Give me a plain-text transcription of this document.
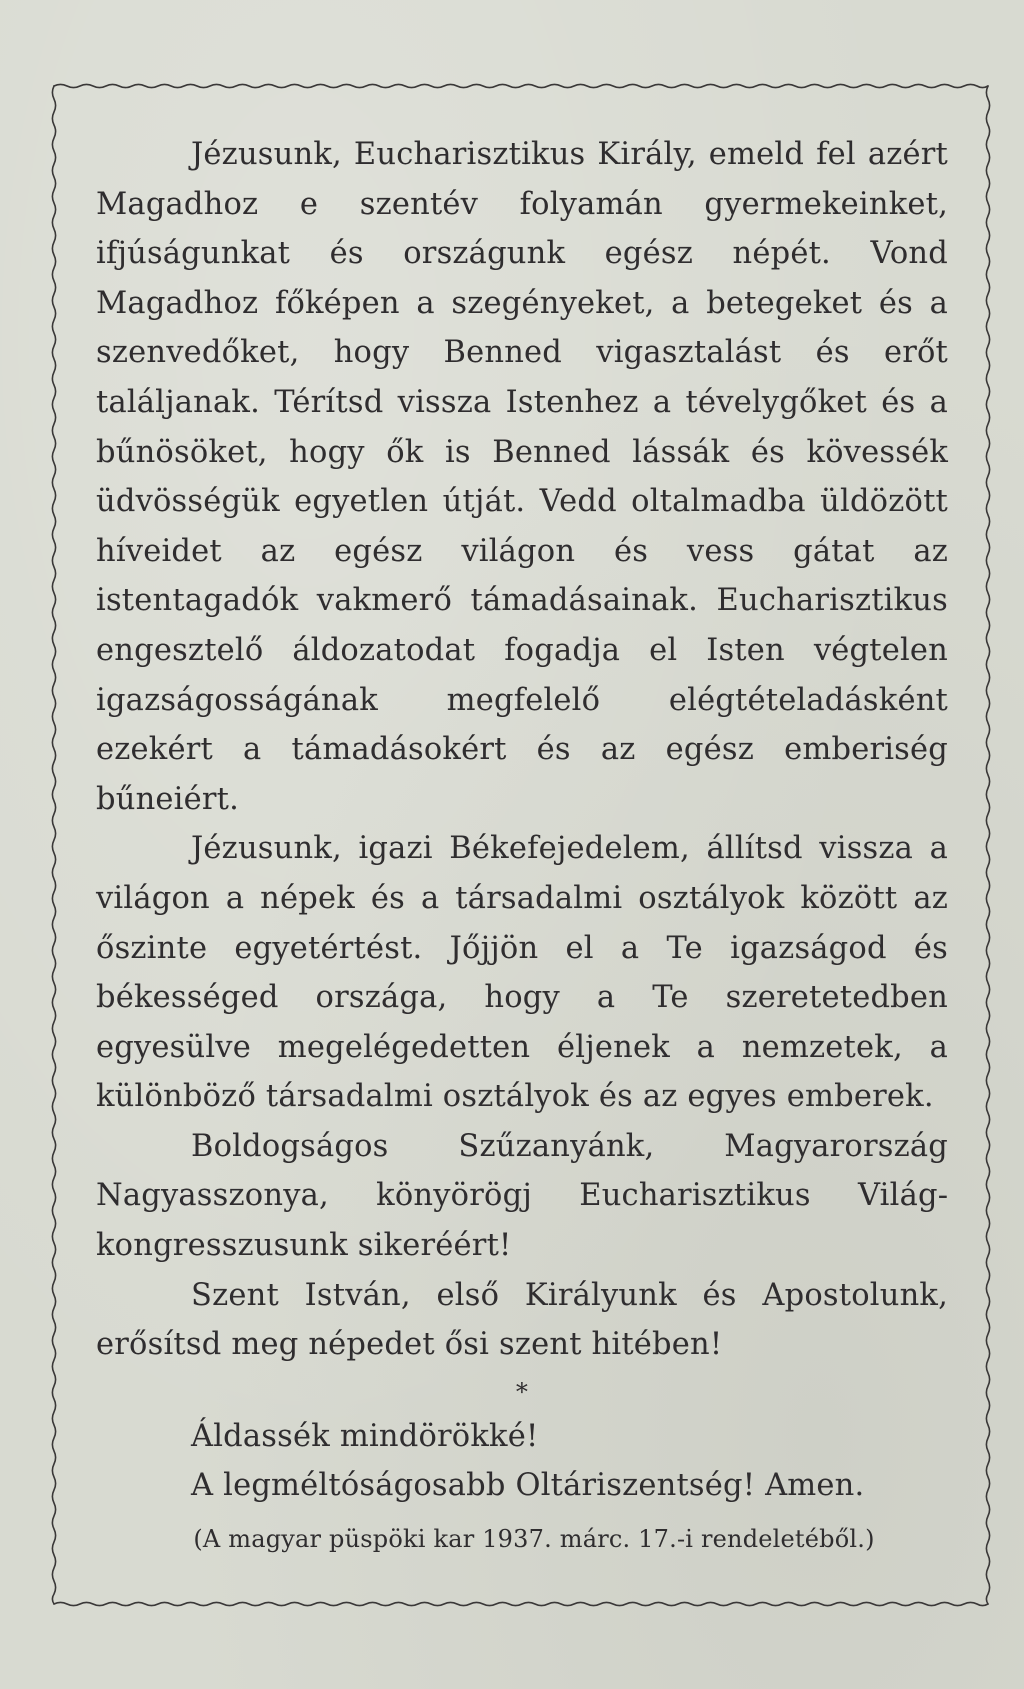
Jézusunk, Eucharisztikus Király, emeld fel azért Magadhoz e szentév folyamán gyermekeinket, ifjúságunkat és országunk egész népét. Vond Magadhoz főképen a szegényeket, a betegeket és a szenvedőket, hogy Benned vigasztalást és erőt találjanak. Térítsd vissza Istenhez a tévelygőket és a bűnösöket, hogy ők is Benned lássák és kövessék üdvösségük egyetlen útját. Vedd oltalmadba üldözött híveidet az egész világon és vess gátat az istentagadók vakmerő támadásainak. Eucharisztikus engesztelő áldozatodat fogadja el Isten végtelen igazságosságának megfelelő elégtételadásként ezekért a támadásokért és az egész emberiség bűneiért.

Jézusunk, igazi Békefejedelem, állítsd vissza a világon a népek és a társadalmi osztályok között az őszinte egyetértést. Jőjjön el a Te igazságod és békességed országa, hogy a Te szeretetedben egyesülve megelégedetten éljenek a nemzetek, a különböző társadalmi osztályok és az egyes emberek.

Boldogságos Szűzanyánk, Magyarország Nagyasszonya, könyörögj Eucharisztikus Világkongresszusunk sikeréért!

Szent István, első Királyunk és Apostolunk, erősítsd meg népedet ősi szent hitében!

*

Áldassék mindörökké!

A legméltóságosabb Oltáriszentség! Amen.

(A magyar püspöki kar 1937. márc. 17.-i rendeletéből.)
